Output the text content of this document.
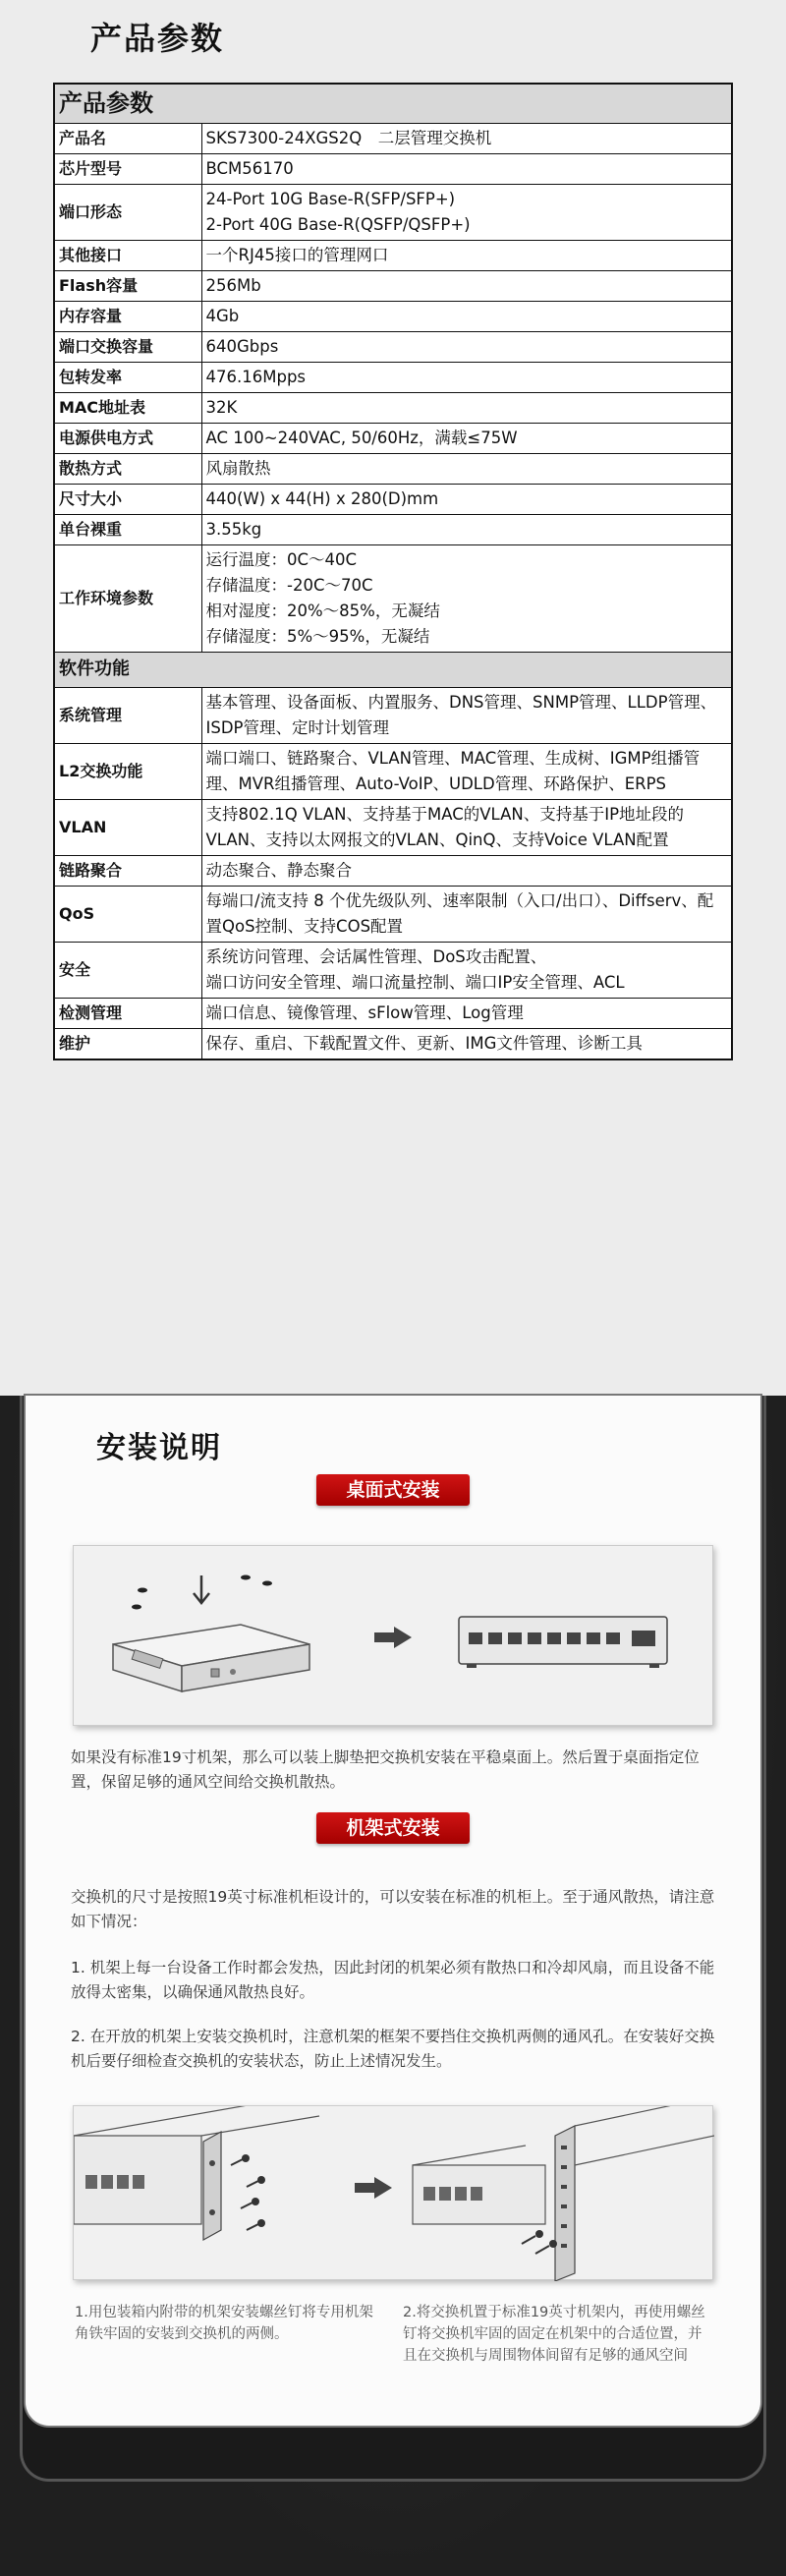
产品参数
产品参数	
产品名	SKS7300-24XGS2Q　二层管理交换机
芯片型号	BCM56170
端口形态	24-Port 10G Base-R(SFP/SFP+)
2-Port 40G Base-R(QSFP/QSFP+)
其他接口	一个RJ45接口的管理网口
Flash容量	256Mb
内存容量	4Gb
端口交换容量	640Gbps
包转发率	476.16Mpps
MAC地址表	32K
电源供电方式	AC 100~240VAC, 50/60Hz，满载≤75W
散热方式	风扇散热
尺寸大小	440(W) x 44(H) x 280(D)mm
单台裸重	3.55kg
工作环境参数	运行温度：0C～40C
存储温度：-20C～70C
相对湿度：20%～85%，无凝结
存储湿度：5%～95%，无凝结
软件功能	
系统管理	基本管理、设备面板、内置服务、DNS管理、SNMP管理、LLDP管理、ISDP管理、定时计划管理
L2交换功能	端口端口、链路聚合、VLAN管理、MAC管理、生成树、IGMP组播管理、MVR组播管理、Auto-VoIP、UDLD管理、环路保护、ERPS
VLAN	支持802.1Q VLAN、支持基于MAC的VLAN、支持基于IP地址段的VLAN、支持以太网报文的VLAN、QinQ、支持Voice VLAN配置
链路聚合	动态聚合、静态聚合
QoS	每端口/流支持 8 个优先级队列、速率限制（入口/出口）、Diffserv、配置QoS控制、支持COS配置
安全	系统访问管理、会话属性管理、DoS攻击配置、
端口访问安全管理、端口流量控制、端口IP安全管理、ACL
检测管理	端口信息、镜像管理、sFlow管理、Log管理
维护	保存、重启、下载配置文件、更新、IMG文件管理、诊断工具
安装说明
桌面式安装
如果没有标准19寸机架，那么可以装上脚垫把交换机安装在平稳桌面上。然后置于桌面指定位置，保留足够的通风空间给交换机散热。
机架式安装
交换机的尺寸是按照19英寸标准机柜设计的，可以安装在标准的机柜上。至于通风散热，请注意如下情况：
1. 机架上每一台设备工作时都会发热，因此封闭的机架必须有散热口和冷却风扇，而且设备不能放得太密集，以确保通风散热良好。
2. 在开放的机架上安装交换机时，注意机架的框架不要挡住交换机两侧的通风孔。在安装好交换机后要仔细检查交换机的安装状态，防止上述情况发生。
1.用包装箱内附带的机架安装螺丝钉将专用机架角铁牢固的安装到交换机的两侧。
2.将交换机置于标准19英寸机架内，再使用螺丝钉将交换机牢固的固定在机架中的合适位置，并且在交换机与周围物体间留有足够的通风空间
